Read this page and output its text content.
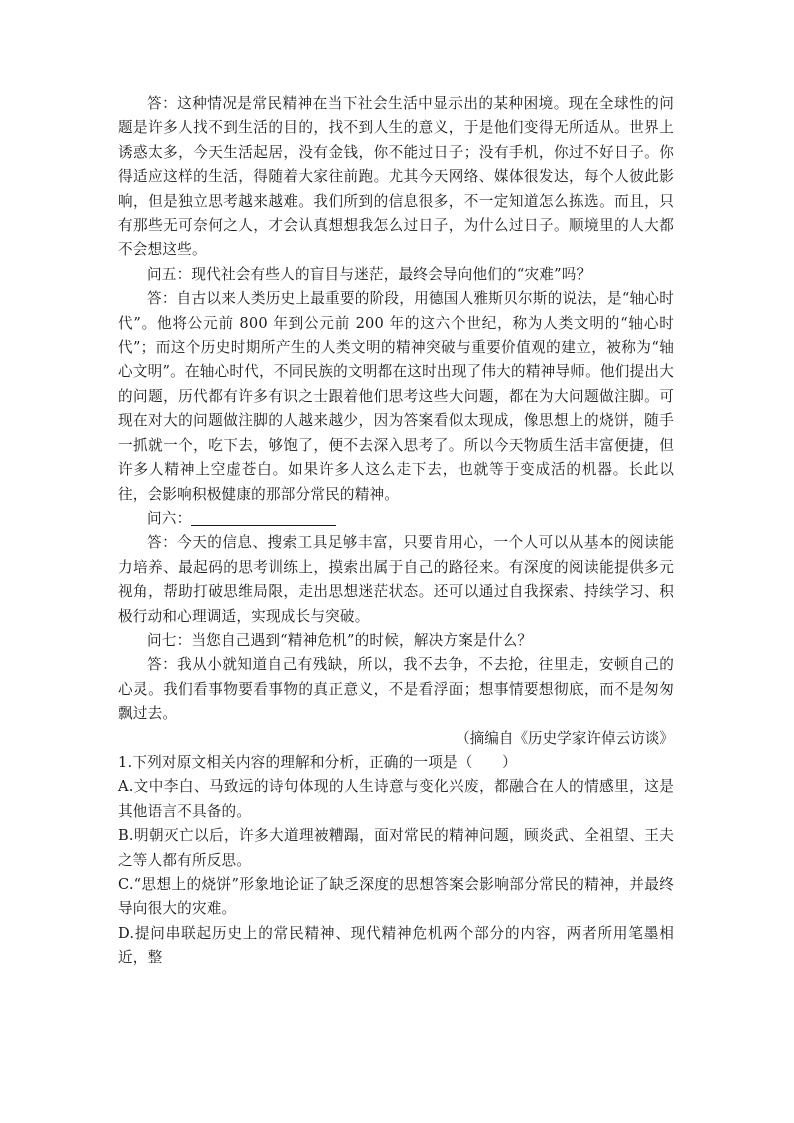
答：这种情况是常民精神在当下社会生活中显示出的某种困境。现在全球性的问题是许多人找不到生活的目的，找不到人生的意义，于是他们变得无所适从。世界上诱惑太多，今天生活起居，没有金钱，你不能过日子；没有手机，你过不好日子。你得适应这样的生活，得随着大家往前跑。尤其今天网络、媒体很发达，每个人彼此影响，但是独立思考越来越难。我们所到的信息很多，不一定知道怎么拣选。而且，只有那些无可奈何之人，才会认真想想我怎么过日子，为什么过日子。顺境里的人大都不会想这些。

问五：现代社会有些人的盲目与迷茫，最终会导向他们的“灾难”吗？

答：自古以来人类历史上最重要的阶段，用德国人雅斯贝尔斯的说法，是“轴心时代”。他将公元前 800 年到公元前 200 年的这六个世纪，称为人类文明的“轴心时代”；而这个历史时期所产生的人类文明的精神突破与重要价值观的建立，被称为“轴心文明”。在轴心时代，不同民族的文明都在这时出现了伟大的精神导师。他们提出大的问题，历代都有许多有识之士跟着他们思考这些大问题，都在为大问题做注脚。可现在对大的问题做注脚的人越来越少，因为答案看似太现成，像思想上的烧饼，随手一抓就一个，吃下去，够饱了，便不去深入思考了。所以今天物质生活丰富便捷，但许多人精神上空虚苍白。如果许多人这么走下去，也就等于变成活的机器。长此以往，会影响积极健康的那部分常民的精神。

问六：

答：今天的信息、搜索工具足够丰富，只要肯用心，一个人可以从基本的阅读能力培养、最起码的思考训练上，摸索出属于自己的路径来。有深度的阅读能提供多元视角，帮助打破思维局限，走出思想迷茫状态。还可以通过自我探索、持续学习、积极行动和心理调适，实现成长与突破。

问七：当您自己遇到“精神危机”的时候，解决方案是什么？

答：我从小就知道自己有残缺，所以，我不去争，不去抢，往里走，安顿自己的心灵。我们看事物要看事物的真正意义，不是看浮面；想事情要想彻底，而不是匆匆飘过去。

（摘编自《历史学家许倬云访谈》

1.下列对原文相关内容的理解和分析，正确的一项是（　　）

A.文中李白、马致远的诗句体现的人生诗意与变化兴废，都融合在人的情感里，这是其他语言不具备的。

B.明朝灭亡以后，许多大道理被糟蹋，面对常民的精神问题，顾炎武、全祖望、王夫之等人都有所反思。

C.“思想上的烧饼”形象地论证了缺乏深度的思想答案会影响部分常民的精神，并最终导向很大的灾难。

D.提问串联起历史上的常民精神、现代精神危机两个部分的内容，两者所用笔墨相近，整
